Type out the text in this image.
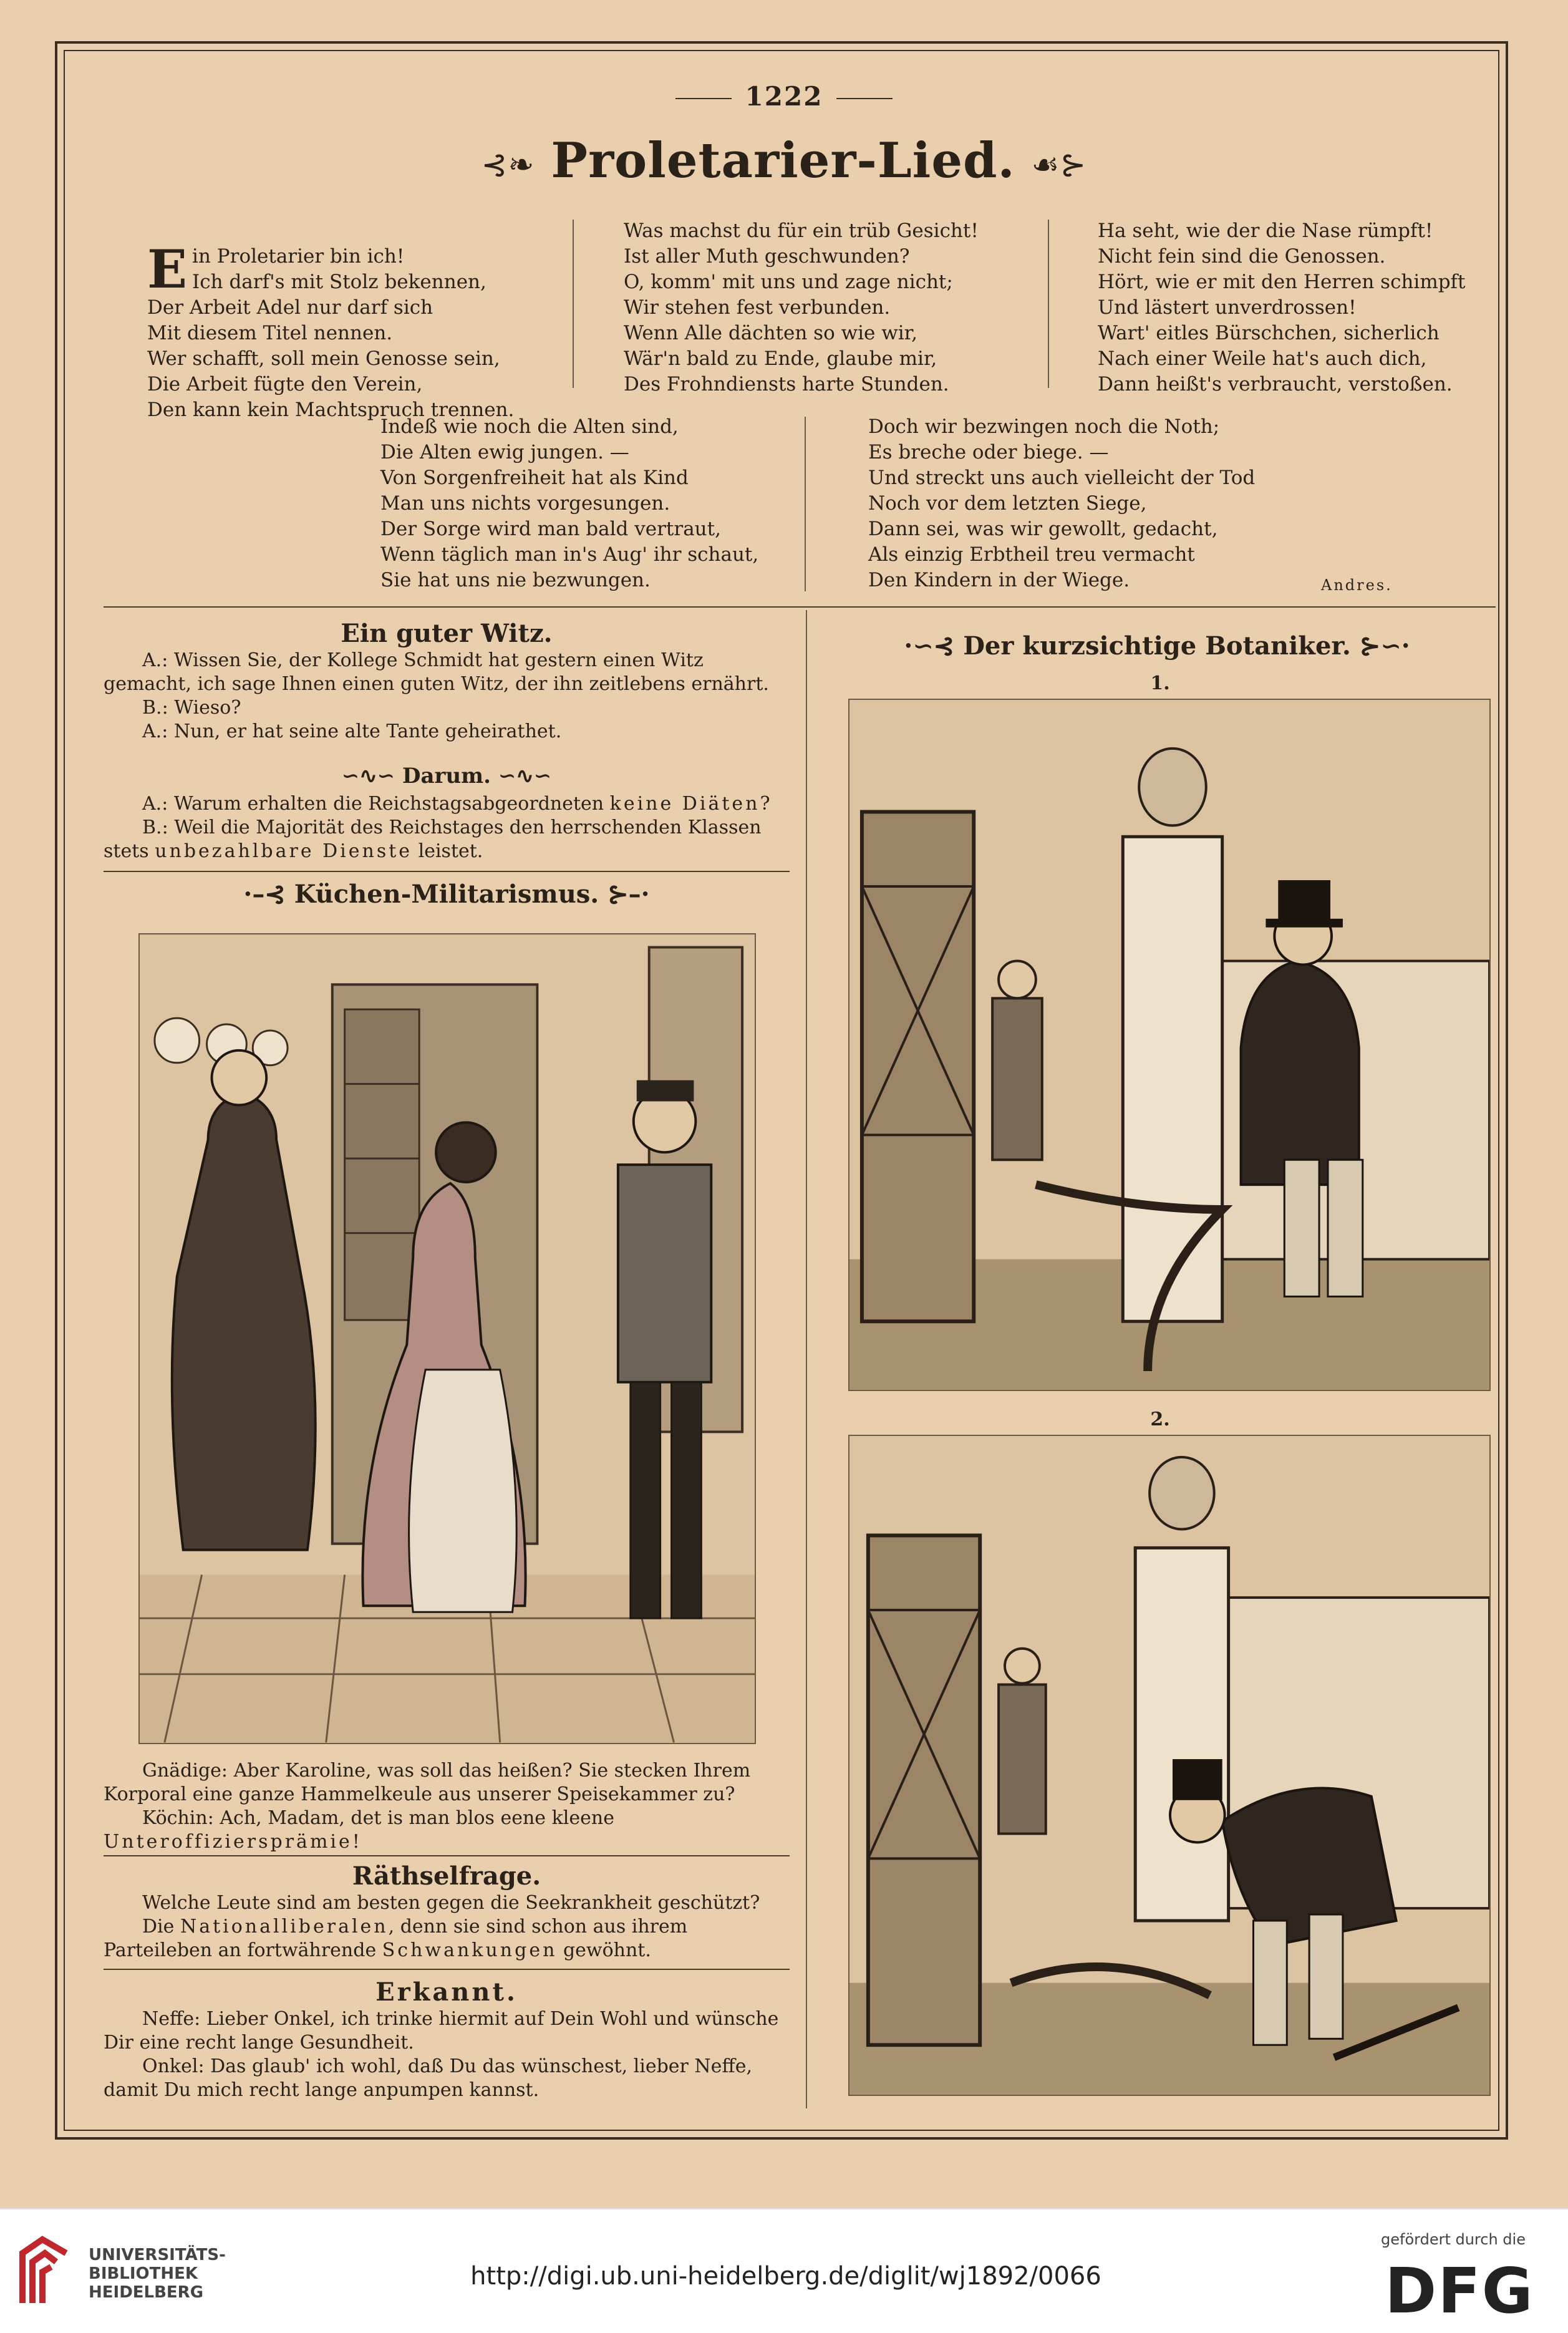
1222
⊰❧ Proletarier-Lied. ☙⊱

Ein Proletarier bin ich!
Ich darf's mit Stolz bekennen,

Der Arbeit Adel nur darf sich
Mit diesem Titel nennen.
Wer schafft, soll mein Genosse sein,
Die Arbeit fügte den Verein,
Den kann kein Machtspruch trennen.

Was machst du für ein trüb Gesicht!
Ist aller Muth geschwunden?
O, komm' mit uns und zage nicht;
Wir stehen fest verbunden.
Wenn Alle dächten so wie wir,
Wär'n bald zu Ende, glaube mir,
Des Frohndiensts harte Stunden.
Ha seht, wie der die Nase rümpft!
Nicht fein sind die Genossen.
Hört, wie er mit den Herren schimpft
Und lästert unverdrossen!
Wart' eitles Bürschchen, sicherlich
Nach einer Weile hat's auch dich,
Dann heißt's verbraucht, verstoßen.
Indeß wie noch die Alten sind,
Die Alten ewig jungen. —
Von Sorgenfreiheit hat als Kind
Man uns nichts vorgesungen.
Der Sorge wird man bald vertraut,
Wenn täglich man in's Aug' ihr schaut,
Sie hat uns nie bezwungen.
Doch wir bezwingen noch die Noth;
Es breche oder biege. —
Und streckt uns auch vielleicht der Tod
Noch vor dem letzten Siege,
Dann sei, was wir gewollt, gedacht,
Als einzig Erbtheil treu vermacht
Den Kindern in der Wiege.	Andres.
Ein guter Witz.

A.: Wissen Sie, der Kollege Schmidt hat gestern einen Witz gemacht, ich sage Ihnen einen guten Witz, der ihn zeitlebens ernährt.

B.: Wieso?

A.: Nun, er hat seine alte Tante geheirathet.

∽∿∽ Darum. ∽∿∽

A.: Warum erhalten die Reichstagsabgeordneten keine Diäten?

B.: Weil die Majorität des Reichstages den herrschenden Klassen stets unbezahlbare Dienste leistet.

·–⊰ Küchen-Militarismus. ⊱–·

Gnädige: Aber Karoline, was soll das heißen? Sie stecken Ihrem Korporal eine ganze Hammelkeule aus unserer Speisekammer zu?

Köchin: Ach, Madam, det is man blos eene kleene Unteroffiziersprämie!

Räthselfrage.

Welche Leute sind am besten gegen die Seekrankheit geschützt?

Die Nationalliberalen, denn sie sind schon aus ihrem Parteileben an fortwährende Schwankungen gewöhnt.

Erkannt.

Neffe: Lieber Onkel, ich trinke hiermit auf Dein Wohl und wünsche Dir eine recht lange Gesundheit.

Onkel: Das glaub' ich wohl, daß Du das wünschest, lieber Neffe, damit Du mich recht lange anpumpen kannst.

·∽⊰ Der kurzsichtige Botaniker. ⊱∽·
1.
2.
UNIVERSITÄTS-
BIBLIOTHEK
HEIDELBERG
http://digi.ub.uni-heidelberg.de/diglit/wj1892/0066
gefördert durch die
DFG
